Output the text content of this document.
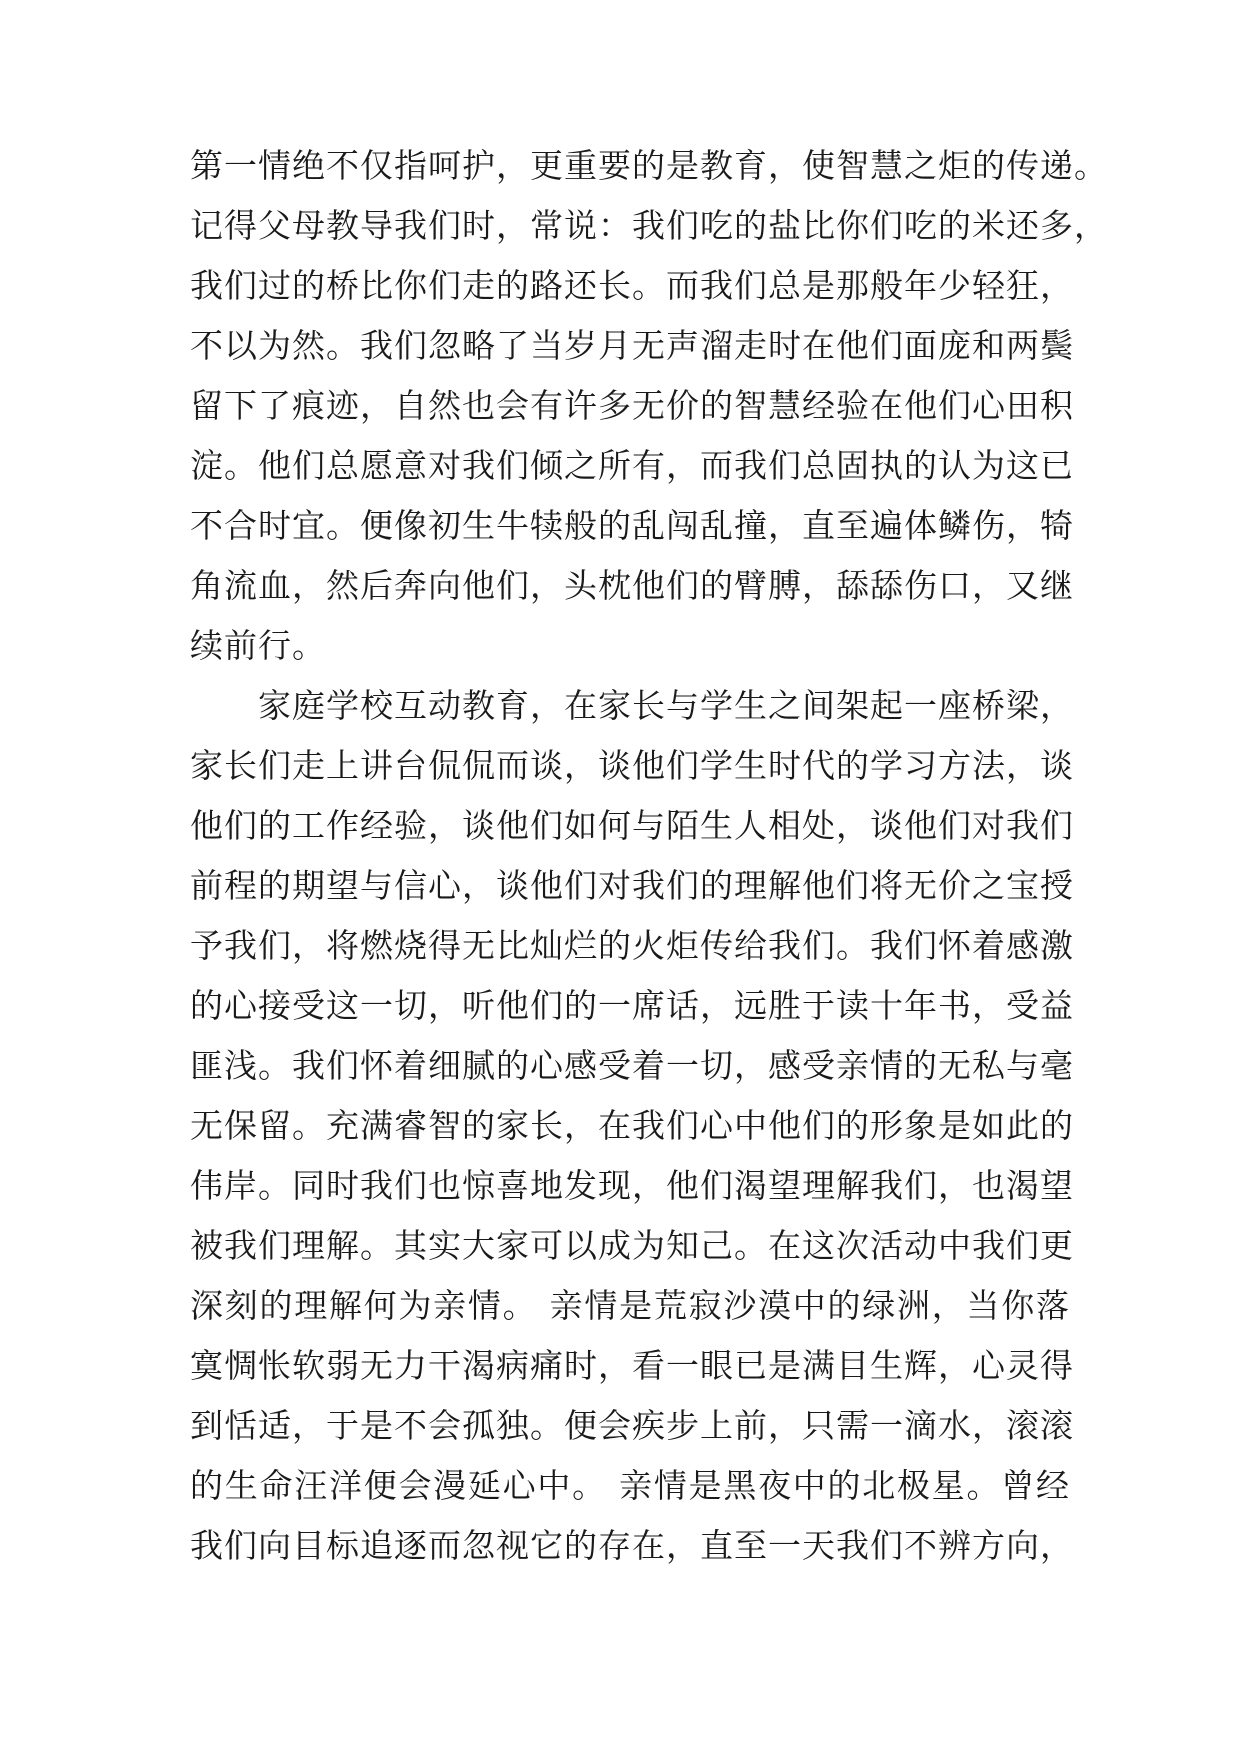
第一情绝不仅指呵护，更重要的是教育，使智慧之炬的传递。
记得父母教导我们时，常说：我们吃的盐比你们吃的米还多，
我们过的桥比你们走的路还长。而我们总是那般年少轻狂，
不以为然。我们忽略了当岁月无声溜走时在他们面庞和两鬓
留下了痕迹，自然也会有许多无价的智慧经验在他们心田积
淀。他们总愿意对我们倾之所有，而我们总固执的认为这已
不合时宜。便像初生牛犊般的乱闯乱撞，直至遍体鳞伤，犄
角流血，然后奔向他们，头枕他们的臂膊，舔舔伤口，又继
续前行。
家庭学校互动教育，在家长与学生之间架起一座桥梁，
家长们走上讲台侃侃而谈，谈他们学生时代的学习方法，谈
他们的工作经验，谈他们如何与陌生人相处，谈他们对我们
前程的期望与信心，谈他们对我们的理解他们将无价之宝授
予我们，将燃烧得无比灿烂的火炬传给我们。我们怀着感激
的心接受这一切，听他们的一席话，远胜于读十年书，受益
匪浅。我们怀着细腻的心感受着一切，感受亲情的无私与毫
无保留。充满睿智的家长，在我们心中他们的形象是如此的
伟岸。同时我们也惊喜地发现，他们渴望理解我们，也渴望
被我们理解。其实大家可以成为知己。在这次活动中我们更
深刻的理解何为亲情。 亲情是荒寂沙漠中的绿洲，当你落
寞惆怅软弱无力干渴病痛时，看一眼已是满目生辉，心灵得
到恬适，于是不会孤独。便会疾步上前，只需一滴水，滚滚
的生命汪洋便会漫延心中。 亲情是黑夜中的北极星。曾经
我们向目标追逐而忽视它的存在，直至一天我们不辨方向，
